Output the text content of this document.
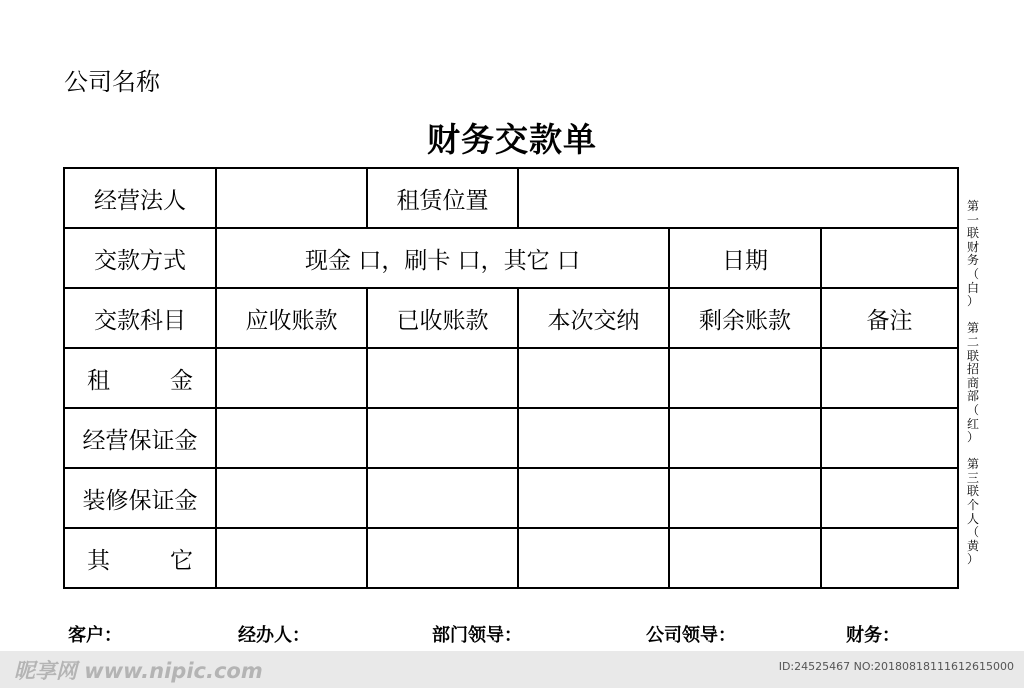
公司名称
财务交款单
经营法人		租赁位置			
交款方式	现金 口，刷卡 口，其它 口			日期	
交款科目	应收账款	已收账款	本次交纳	剩余账款	备注

租 金					

经营保证金					
装修保证金					

其 它					

第
一
联
财
务
（
白
）

第
二
联
招
商
部
（
红
）

第
三
联
个
人
（
黄
）
客户：	经办人：	部门领导：	公司领导：	财务：
昵享网 www.nipic.com	ID:24525467 NO:20180818111612615000
